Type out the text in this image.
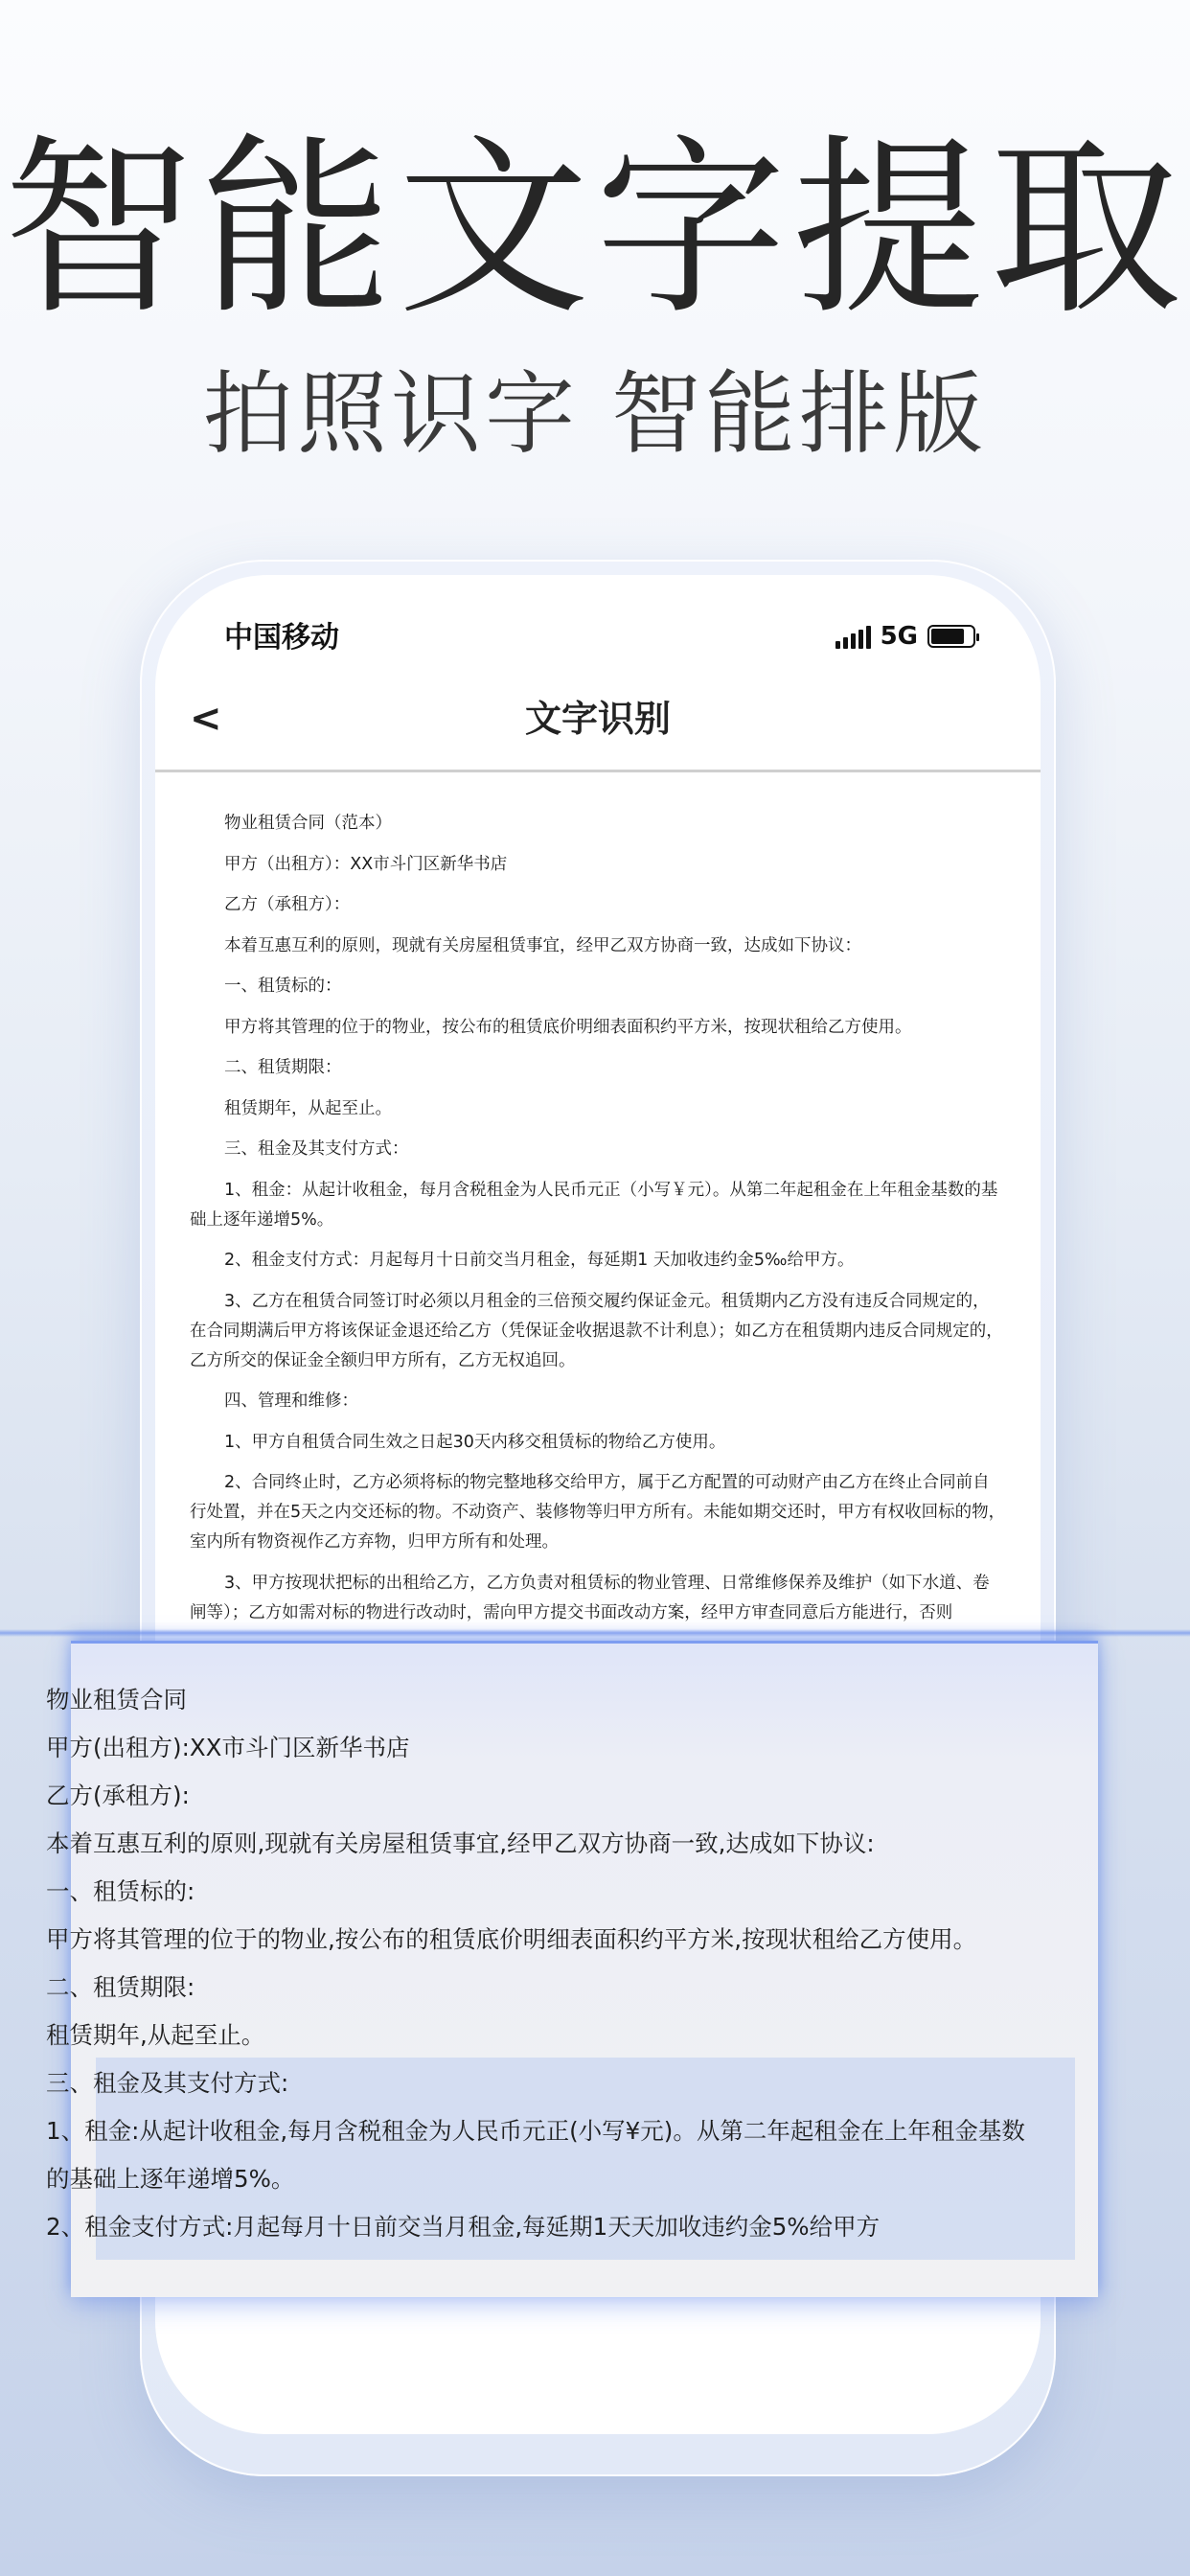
智能文字提取
拍照识字 智能排版
中国移动	5G
<	文字识别

物业租赁合同（范本）

甲方（出租方）：XX市斗门区新华书店

乙方（承租方）：

本着互惠互利的原则，现就有关房屋租赁事宜，经甲乙双方协商一致，达成如下协议：

一、租赁标的：

甲方将其管理的位于的物业，按公布的租赁底价明细表面积约平方米，按现状租给乙方使用。

二、租赁期限：

租赁期年，从起至止。

三、租金及其支付方式：

1、租金：从起计收租金，每月含税租金为人民币元正（小写￥元）。从第二年起租金在上年租金基数的基础上逐年递增5%。

2、租金支付方式：月起每月十日前交当月租金，每延期1 天加收违约金5‰给甲方。

3、乙方在租赁合同签订时必须以月租金的三倍预交履约保证金元。租赁期内乙方没有违反合同规定的，在合同期满后甲方将该保证金退还给乙方（凭保证金收据退款不计利息）；如乙方在租赁期内违反合同规定的，乙方所交的保证金全额归甲方所有，乙方无权追回。

四、管理和维修：

1、甲方自租赁合同生效之日起30天内移交租赁标的物给乙方使用。

2、合同终止时，乙方必须将标的物完整地移交给甲方，属于乙方配置的可动财产由乙方在终止合同前自行处置，并在5天之内交还标的物。不动资产、装修物等归甲方所有。未能如期交还时，甲方有权收回标的物，室内所有物资视作乙方弃物，归甲方所有和处理。

3、甲方按现状把标的出租给乙方，乙方负责对租赁标的物业管理、日常维修保养及维护（如下水道、卷闸等）；乙方如需对标的物进行改动时，需向甲方提交书面改动方案，经甲方审查同意后方能进行，否则

物业租赁合同
甲方(出租方):XX市斗门区新华书店
乙方(承租方):
本着互惠互利的原则,现就有关房屋租赁事宜,经甲乙双方协商一致,达成如下协议:
一、租赁标的:
甲方将其管理的位于的物业,按公布的租赁底价明细表面积约平方米,按现状租给乙方使用。
二、租赁期限:
租赁期年,从起至止。
三、租金及其支付方式:
1、租金:从起计收租金,每月含税租金为人民币元正(小写¥元)。从第二年起租金在上年租金基数
的基础上逐年递增5%。
2、租金支付方式:月起每月十日前交当月租金,每延期1天天加收违约金5%给甲方
